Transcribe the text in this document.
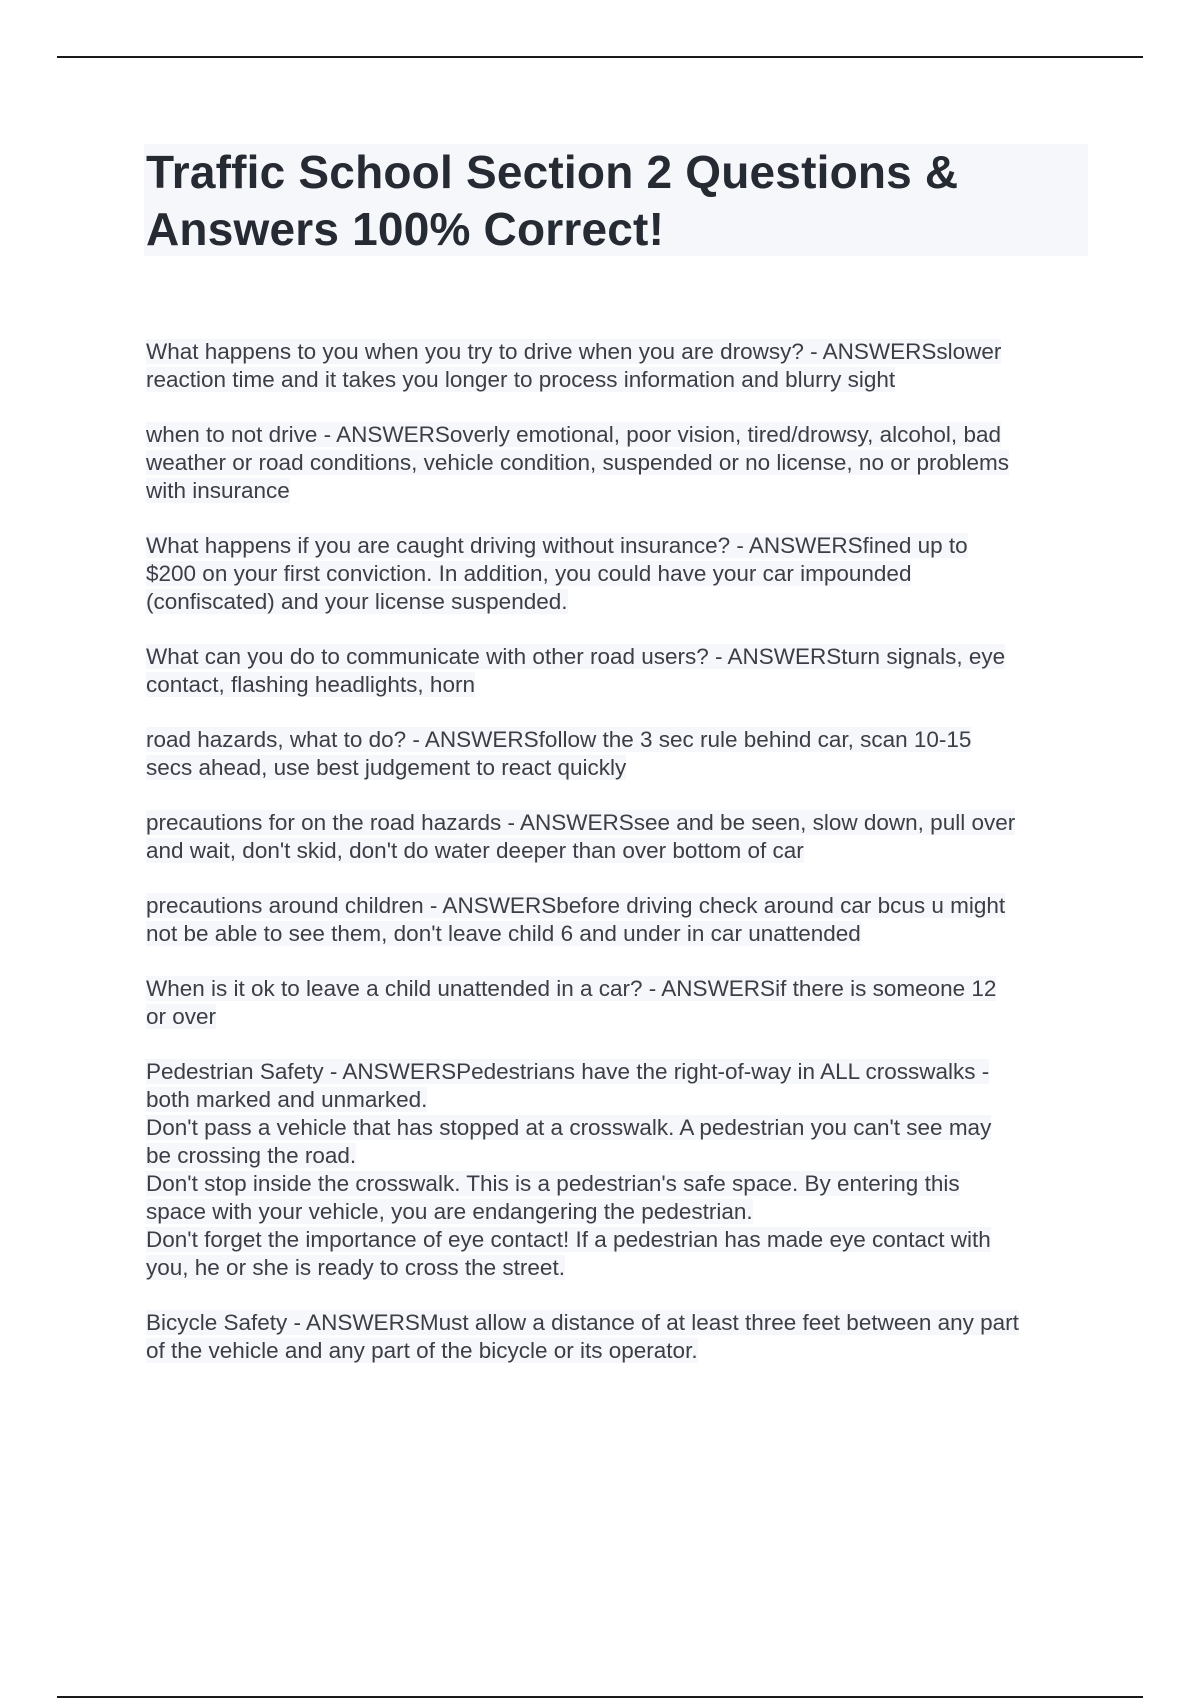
Traffic School Section 2 Questions &
Answers 100% Correct!

What happens to you when you try to drive when you are drowsy? - ANSWERSslower
reaction time and it takes you longer to process information and blurry sight

when to not drive - ANSWERSoverly emotional, poor vision, tired/drowsy, alcohol, bad
weather or road conditions, vehicle condition, suspended or no license, no or problems
with insurance

What happens if you are caught driving without insurance? - ANSWERSfined up to
$200 on your first conviction. In addition, you could have your car impounded
(confiscated) and your license suspended.

What can you do to communicate with other road users? - ANSWERSturn signals, eye
contact, flashing headlights, horn

road hazards, what to do? - ANSWERSfollow the 3 sec rule behind car, scan 10-15
secs ahead, use best judgement to react quickly

precautions for on the road hazards - ANSWERSsee and be seen, slow down, pull over
and wait, don't skid, don't do water deeper than over bottom of car

precautions around children - ANSWERSbefore driving check around car bcus u might
not be able to see them, don't leave child 6 and under in car unattended

When is it ok to leave a child unattended in a car? - ANSWERSif there is someone 12
or over

Pedestrian Safety - ANSWERSPedestrians have the right-of-way in ALL crosswalks -
both marked and unmarked.
Don't pass a vehicle that has stopped at a crosswalk. A pedestrian you can't see may
be crossing the road.
Don't stop inside the crosswalk. This is a pedestrian's safe space. By entering this
space with your vehicle, you are endangering the pedestrian.
Don't forget the importance of eye contact! If a pedestrian has made eye contact with
you, he or she is ready to cross the street.

Bicycle Safety - ANSWERSMust allow a distance of at least three feet between any part
of the vehicle and any part of the bicycle or its operator.
